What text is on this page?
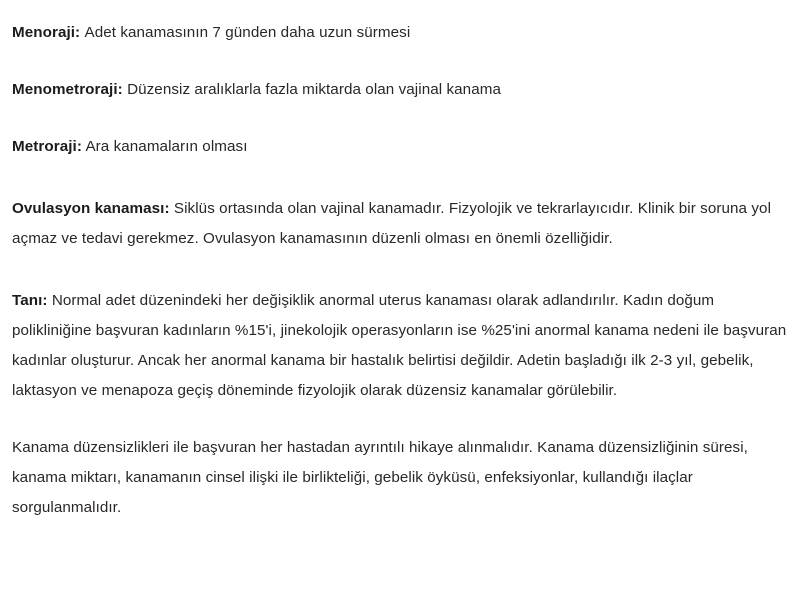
Menoraji: Adet kanamasının 7 günden daha uzun sürmesi

Menometroraji: Düzensiz aralıklarla fazla miktarda olan vajinal kanama

Metroraji: Ara kanamaların olması

Ovulasyon kanaması: Siklüs ortasında olan vajinal kanamadır. Fizyolojik ve tekrarlayıcıdır. Klinik bir soruna yol açmaz ve tedavi gerekmez. Ovulasyon kanamasının düzenli olması en önemli özelliğidir.

Tanı: Normal adet düzenindeki her değişiklik anormal uterus kanaması olarak adlandırılır. Kadın doğum polikliniğine başvuran kadınların %15'i, jinekolojik operasyonların ise %25'ini anormal kanama nedeni ile başvuran kadınlar oluşturur. Ancak her anormal kanama bir hastalık belirtisi değildir. Adetin başladığı ilk 2-3 yıl, gebelik, laktasyon ve menapoza geçiş döneminde fizyolojik olarak düzensiz kanamalar görülebilir.

Kanama düzensizlikleri ile başvuran her hastadan ayrıntılı hikaye alınmalıdır. Kanama düzensizliğinin süresi, kanama miktarı, kanamanın cinsel ilişki ile birlikteliği, gebelik öyküsü, enfeksiyonlar, kullandığı ilaçlar sorgulanmalıdır.
